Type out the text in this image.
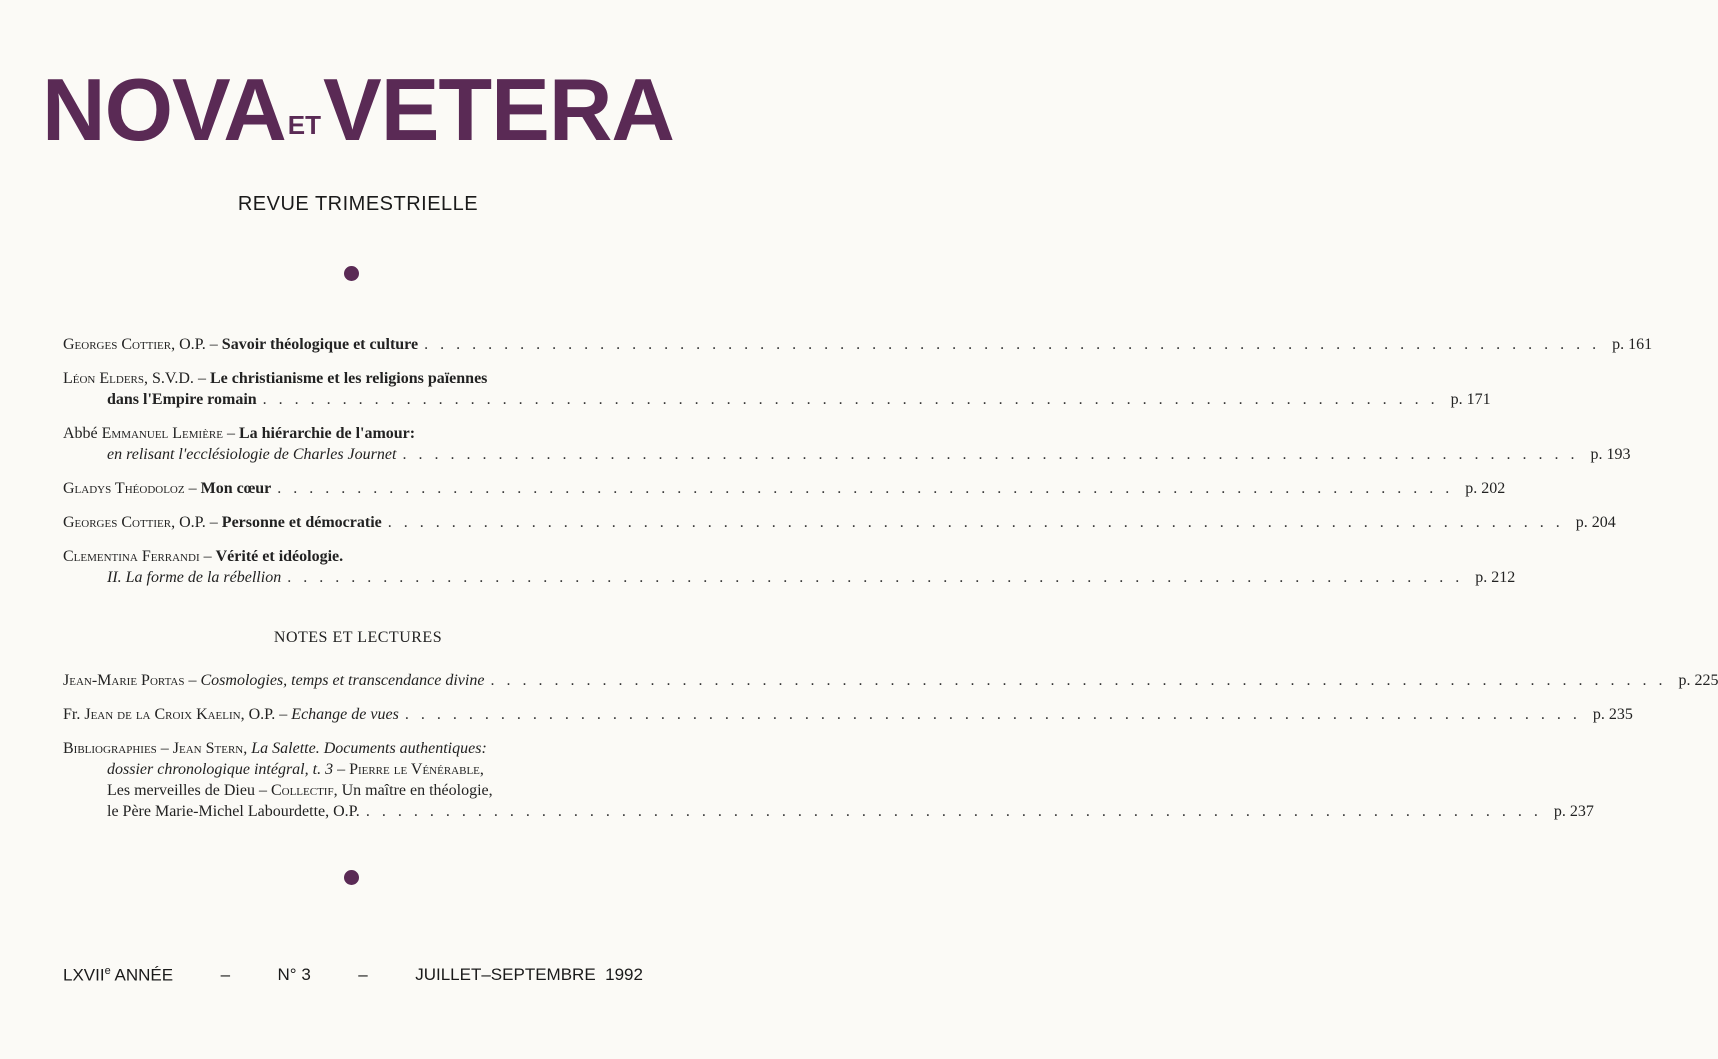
NOVAETVETERA
REVUE TRIMESTRIELLE
Georges Cottier, O.P. – Savoir théologique et culture . . .	p. 161
Léon Elders, S.V.D. – Le christianisme et les religions païennes
dans l'Empire romain . . .	p. 171
Abbé Emmanuel Lemière – La hiérarchie de l'amour:
en relisant l'ecclésiologie de Charles Journet . . .	p. 193
Gladys Théodoloz – Mon cœur . . .	p. 202
Georges Cottier, O.P. – Personne et démocratie . . .	p. 204
Clementina Ferrandi – Vérité et idéologie.
II. La forme de la rébellion . . .	p. 212
NOTES ET LECTURES
Jean-Marie Portas – Cosmologies, temps et transcendance divine . . .	p. 225
Fr. Jean de la Croix Kaelin, O.P. – Echange de vues . . .	p. 235
Bibliographies – Jean Stern, La Salette. Documents authentiques:
dossier chronologique intégral, t. 3 – Pierre le Vénérable,
Les merveilles de Dieu – Collectif, Un maître en théologie,
le Père Marie-Michel Labourdette, O.P. . . .	p. 237
LXVIIe ANNÉE	–	N° 3	–	JUILLET–SEPTEMBRE 1992
